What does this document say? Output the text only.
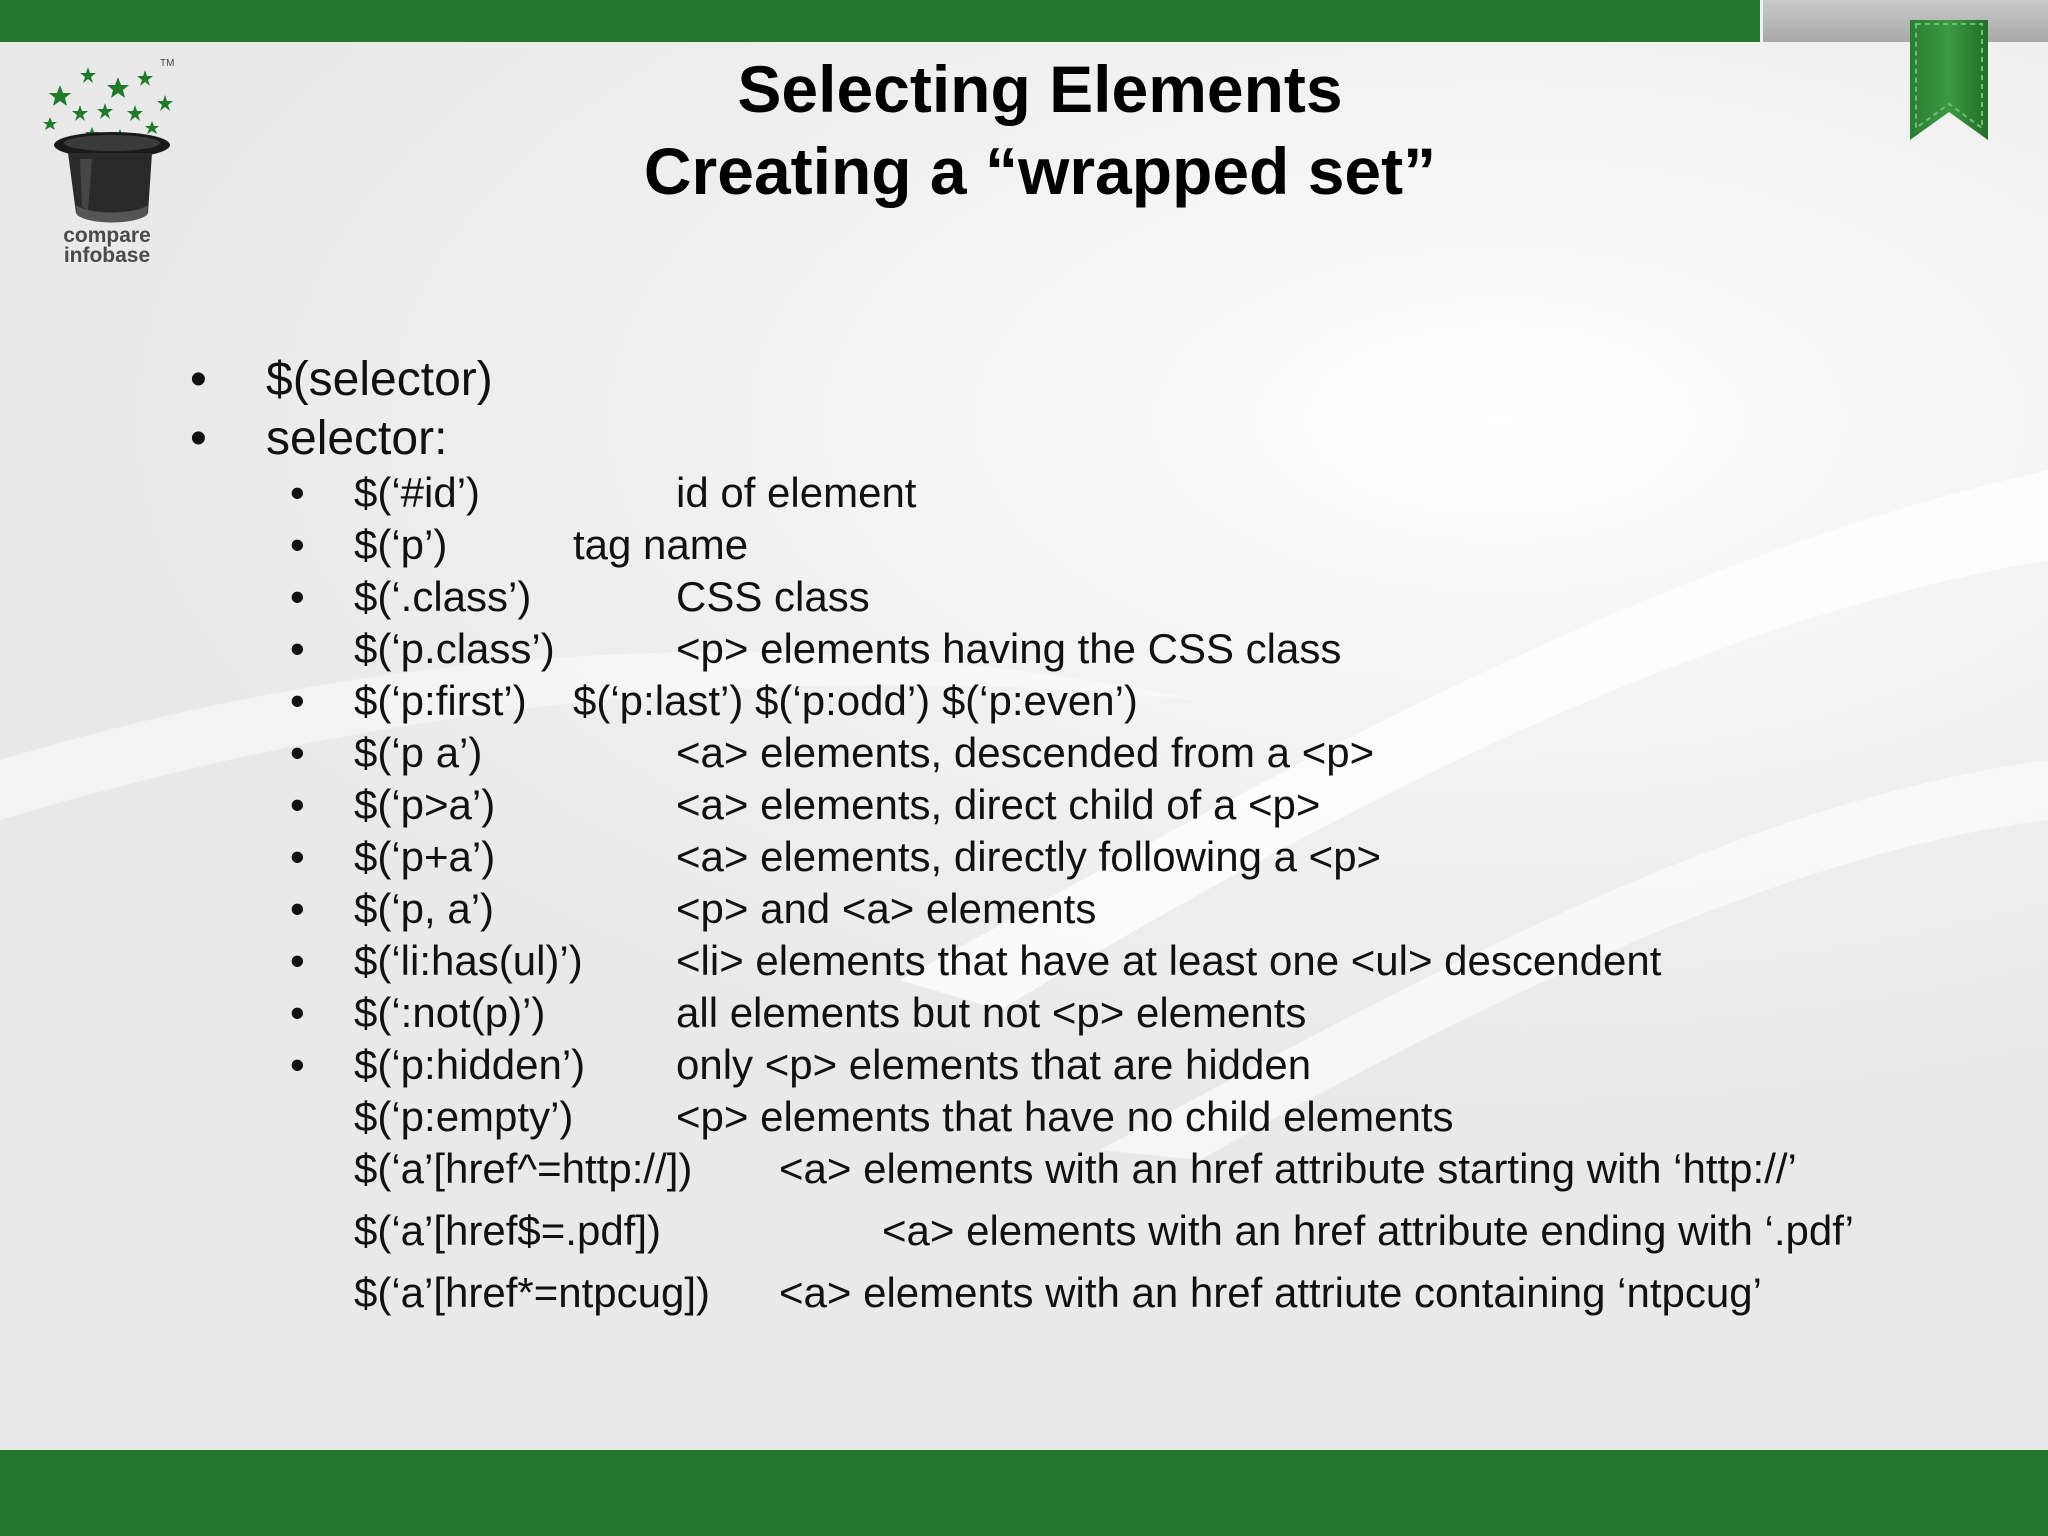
compare
infobase
TM	Selecting Elements
Creating a “wrapped set”
• $(selector)
• selector:
• $(‘#id’)	id of element
• $(‘p’)	tag name
• $(‘.class’)	CSS class
• $(‘p.class’)	<p> elements having the CSS class
• $(‘p:first’) $(‘p:last’) $(‘p:odd’) $(‘p:even’)
• $(‘p a’)	<a> elements, descended from a <p>
• $(‘p>a’)	<a> elements, direct child of a <p>
• $(‘p+a’)	<a> elements, directly following a <p>
• $(‘p, a’)	<p> and <a> elements
• $(‘li:has(ul)’) <li> elements that have at least one <ul> descendent
• $(‘:not(p)’)	all elements but not <p> elements
• $(‘p:hidden’) only <p> elements that are hidden
$(‘p:empty’) <p> elements that have no child elements
$(‘a’[href^=http://]) <a> elements with an href attribute starting with ‘http://’
$(‘a’[href$=.pdf])	<a> elements with an href attribute ending with ‘.pdf’
$(‘a’[href*=ntpcug]) <a> elements with an href attriute containing ‘ntpcug’
